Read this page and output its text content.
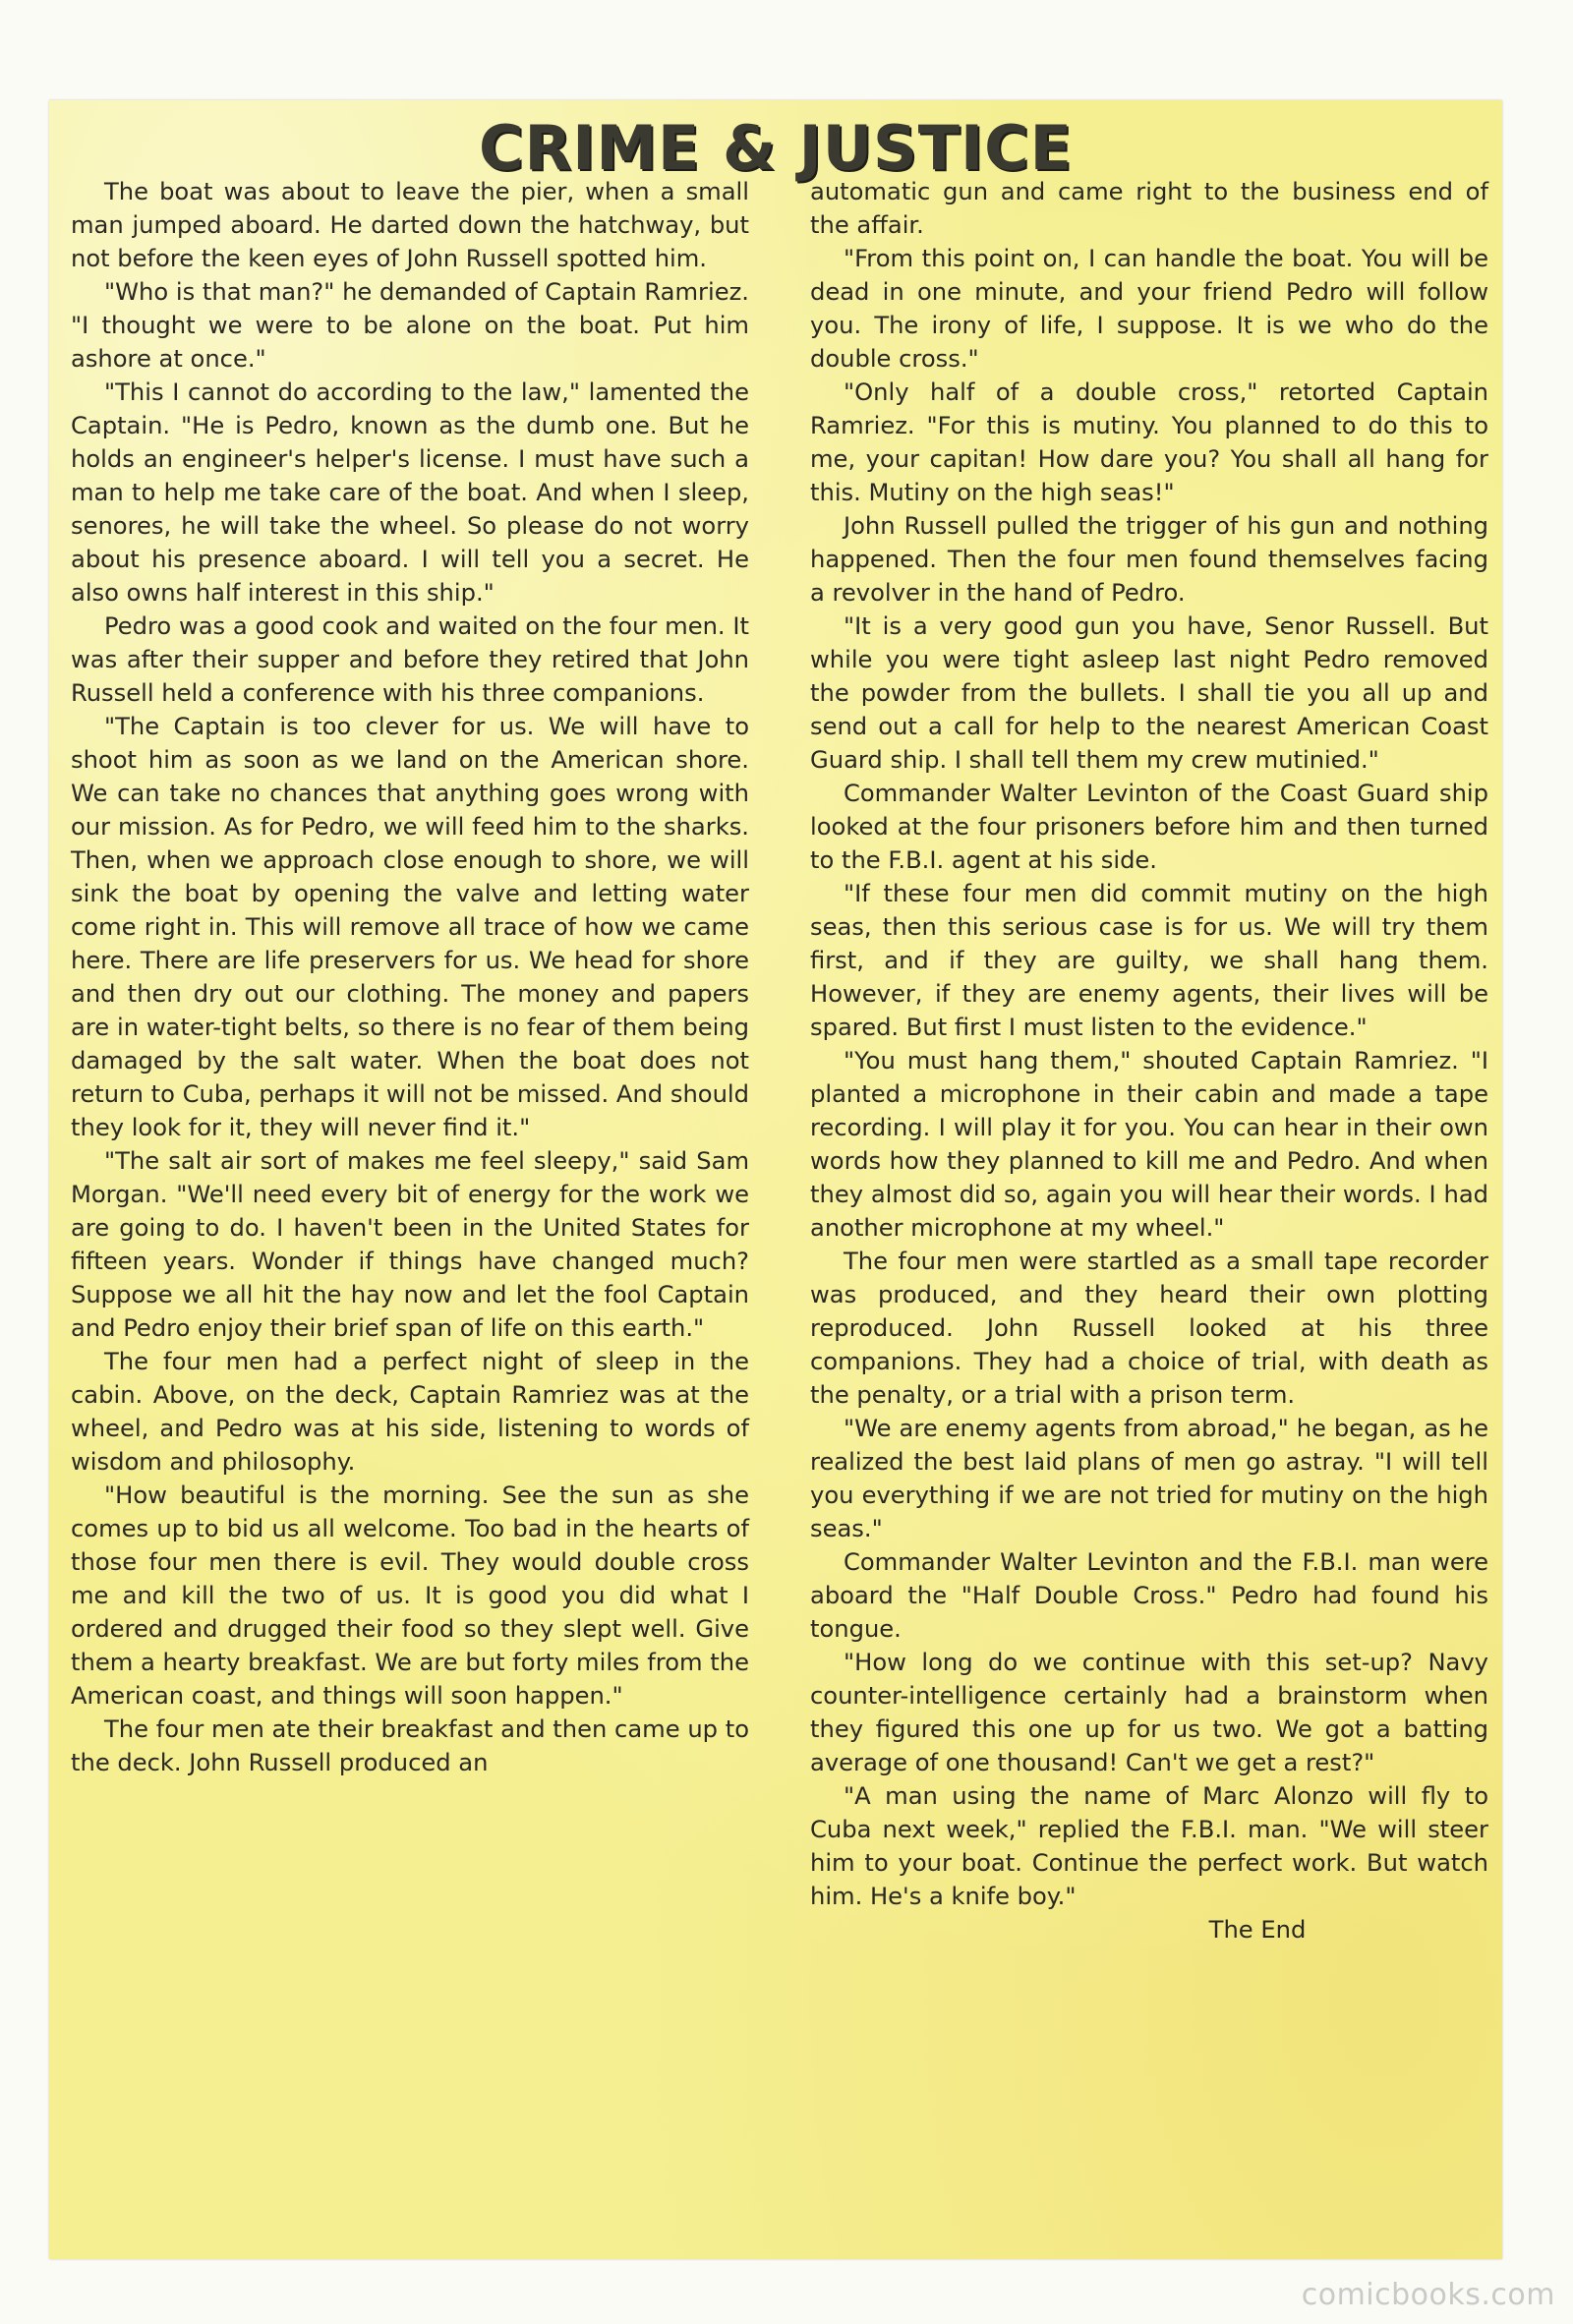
CRIME & JUSTICE

The boat was about to leave the pier, when a small man jumped aboard. He darted down the hatchway, but not before the keen eyes of John Russell spotted him.

"Who is that man?" he demanded of Captain Ramriez. "I thought we were to be alone on the boat. Put him ashore at once."

"This I cannot do according to the law," lamented the Captain. "He is Pedro, known as the dumb one. But he holds an engineer's helper's license. I must have such a man to help me take care of the boat. And when I sleep, senores, he will take the wheel. So please do not worry about his presence aboard. I will tell you a secret. He also owns half interest in this ship."

Pedro was a good cook and waited on the four men. It was after their supper and before they retired that John Russell held a conference with his three companions.

"The Captain is too clever for us. We will have to shoot him as soon as we land on the American shore. We can take no chances that anything goes wrong with our mission. As for Pedro, we will feed him to the sharks. Then, when we approach close enough to shore, we will sink the boat by opening the valve and letting water come right in. This will remove all trace of how we came here. There are life preservers for us. We head for shore and then dry out our clothing. The money and papers are in water-tight belts, so there is no fear of them being damaged by the salt water. When the boat does not return to Cuba, perhaps it will not be missed. And should they look for it, they will never find it."

"The salt air sort of makes me feel sleepy," said Sam Morgan. "We'll need every bit of energy for the work we are going to do. I haven't been in the United States for fifteen years. Wonder if things have changed much? Suppose we all hit the hay now and let the fool Captain and Pedro enjoy their brief span of life on this earth."

The four men had a perfect night of sleep in the cabin. Above, on the deck, Captain Ramriez was at the wheel, and Pedro was at his side, listening to words of wisdom and philosophy.

"How beautiful is the morning. See the sun as she comes up to bid us all welcome. Too bad in the hearts of those four men there is evil. They would double cross me and kill the two of us. It is good you did what I ordered and drugged their food so they slept well. Give them a hearty breakfast. We are but forty miles from the American coast, and things will soon happen."

The four men ate their breakfast and then came up to the deck. John Russell produced an

automatic gun and came right to the business end of the affair.

"From this point on, I can handle the boat. You will be dead in one minute, and your friend Pedro will follow you. The irony of life, I suppose. It is we who do the double cross."

"Only half of a double cross," retorted Captain Ramriez. "For this is mutiny. You planned to do this to me, your capitan! How dare you? You shall all hang for this. Mutiny on the high seas!"

John Russell pulled the trigger of his gun and nothing happened. Then the four men found themselves facing a revolver in the hand of Pedro.

"It is a very good gun you have, Senor Russell. But while you were tight asleep last night Pedro removed the powder from the bullets. I shall tie you all up and send out a call for help to the nearest American Coast Guard ship. I shall tell them my crew mutinied."

Commander Walter Levinton of the Coast Guard ship looked at the four prisoners before him and then turned to the F.B.I. agent at his side.

"If these four men did commit mutiny on the high seas, then this serious case is for us. We will try them first, and if they are guilty, we shall hang them. However, if they are enemy agents, their lives will be spared. But first I must listen to the evidence."

"You must hang them," shouted Captain Ramriez. "I planted a microphone in their cabin and made a tape recording. I will play it for you. You can hear in their own words how they planned to kill me and Pedro. And when they almost did so, again you will hear their words. I had another microphone at my wheel."

The four men were startled as a small tape recorder was produced, and they heard their own plotting reproduced. John Russell looked at his three companions. They had a choice of trial, with death as the penalty, or a trial with a prison term.

"We are enemy agents from abroad," he began, as he realized the best laid plans of men go astray. "I will tell you everything if we are not tried for mutiny on the high seas."

Commander Walter Levinton and the F.B.I. man were aboard the "Half Double Cross." Pedro had found his tongue.

"How long do we continue with this set-up? Navy counter-intelligence certainly had a brainstorm when they figured this one up for us two. We got a batting average of one thousand! Can't we get a rest?"

"A man using the name of Marc Alonzo will fly to Cuba next week," replied the F.B.I. man. "We will steer him to your boat. Continue the perfect work. But watch him. He's a knife boy."

The End

comicbooks.com
